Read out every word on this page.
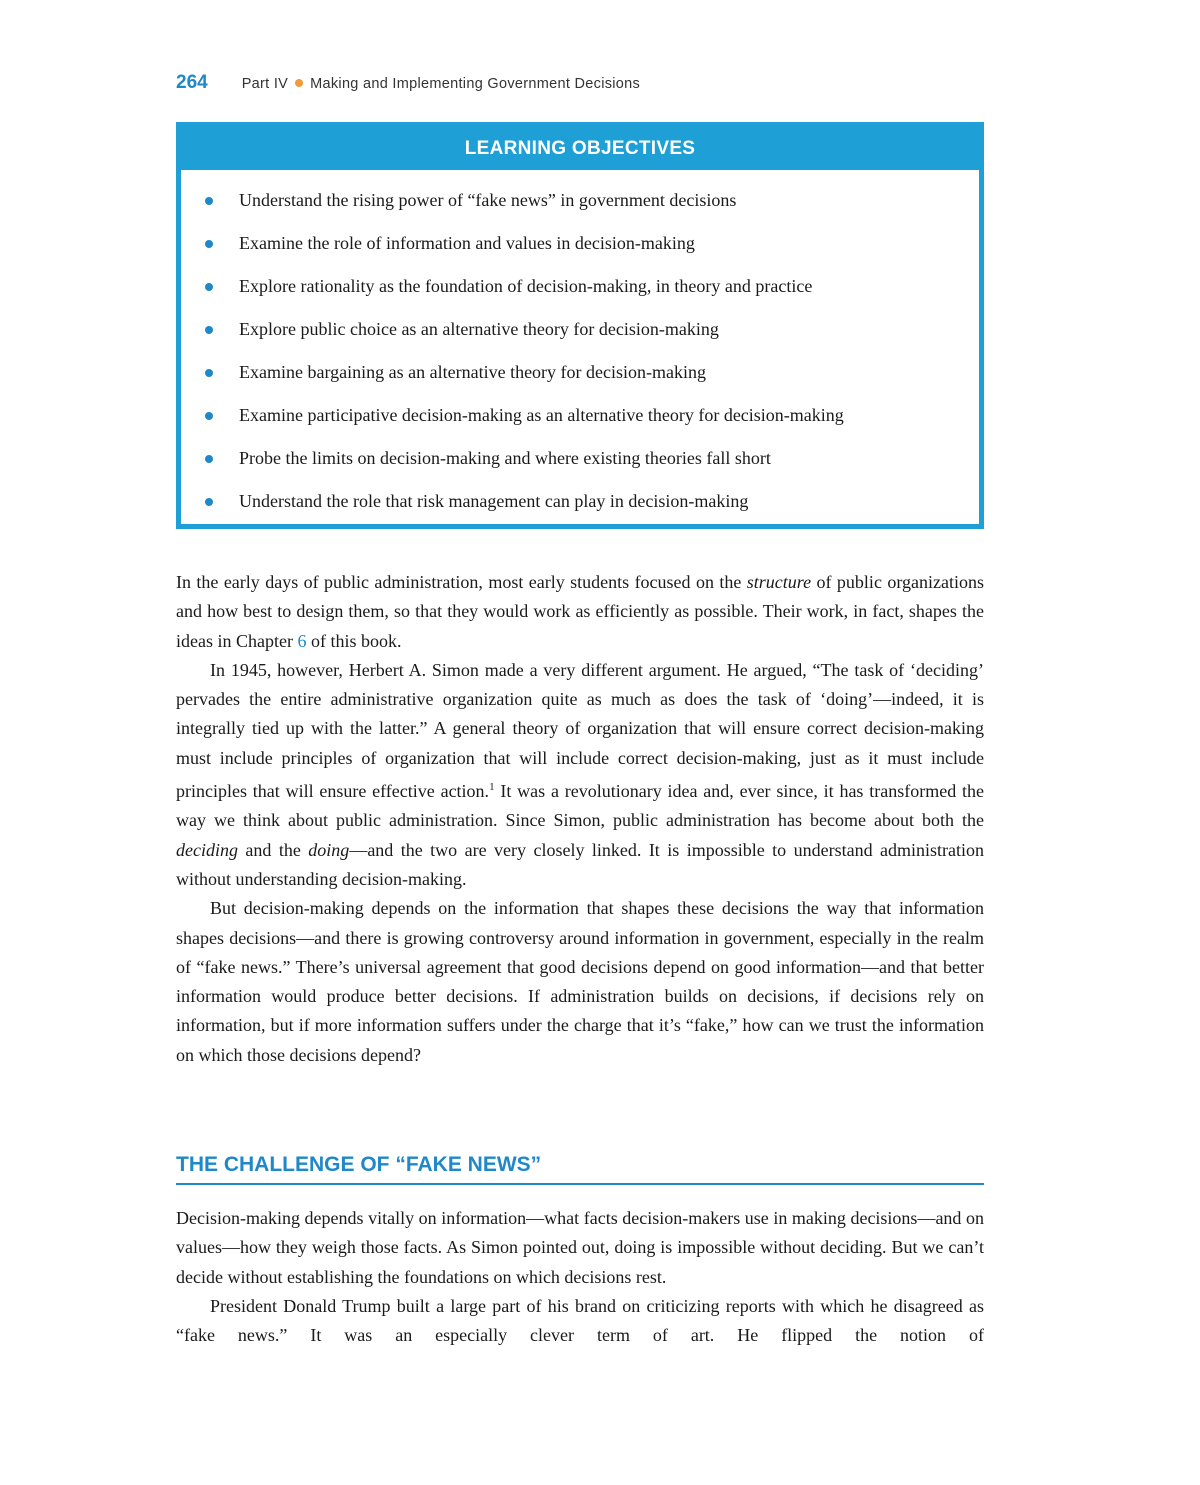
264 Part IV Making and Implementing Government Decisions
LEARNING OBJECTIVES
Understand the rising power of “fake news” in government decisions
Examine the role of information and values in decision-making
Explore rationality as the foundation of decision-making, in theory and practice
Explore public choice as an alternative theory for decision-making
Examine bargaining as an alternative theory for decision-making
Examine participative decision-making as an alternative theory for decision-making
Probe the limits on decision-making and where existing theories fall short
Understand the role that risk management can play in decision-making

In the early days of public administration, most early students focused on the structure of public organizations and how best to design them, so that they would work as efficiently as possible. Their work, in fact, shapes the ideas in Chapter 6 of this book.

In 1945, however, Herbert A. Simon made a very different argument. He argued, “The task of ‘deciding’ pervades the entire administrative organization quite as much as does the task of ‘doing’—indeed, it is integrally tied up with the latter.” A general theory of organization that will ensure correct decision-making must include principles of organization that will include correct decision-making, just as it must include principles that will ensure effective action.$^1$ It was a revolutionary idea and, ever since, it has transformed the way we think about public administration. Since Simon, public administration has become about both the deciding and the doing—and the two are very closely linked. It is impossible to understand administration without understanding decision-making.

But decision-making depends on the information that shapes these decisions the way that information shapes decisions—and there is growing controversy around information in government, especially in the realm of “fake news.” There’s universal agreement that good decisions depend on good information—and that better information would produce better decisions. If administration builds on decisions, if decisions rely on information, but if more information suffers under the charge that it’s “fake,” how can we trust the information on which those decisions depend?

THE CHALLENGE OF “FAKE NEWS”

Decision-making depends vitally on information—what facts decision-makers use in making decisions—and on values—how they weigh those facts. As Simon pointed out, doing is impossible without deciding. But we can’t decide without establishing the foundations on which decisions rest.

President Donald Trump built a large part of his brand on criticizing reports with which he disagreed as “fake news.” It was an especially clever term of art. He flipped the notion of
